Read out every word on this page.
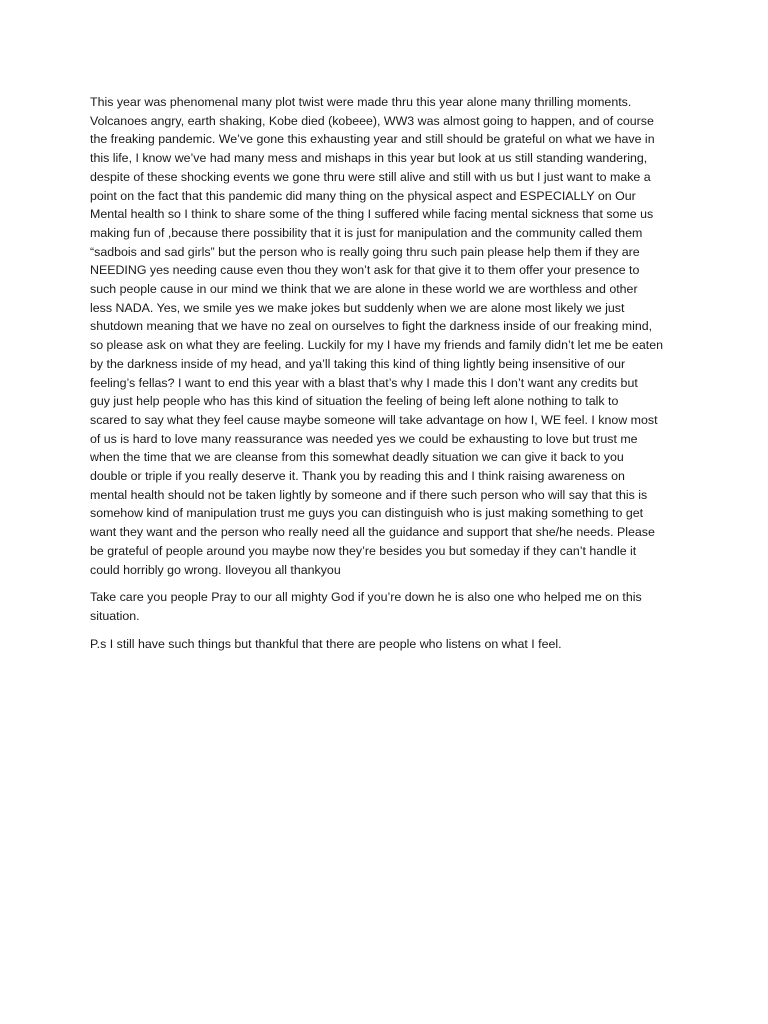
This year was phenomenal many plot twist were made thru this year alone many thrilling moments.
Volcanoes angry, earth shaking, Kobe died (kobeee), WW3 was almost going to happen, and of course
the freaking pandemic. We’ve gone this exhausting year and still should be grateful on what we have in
this life, I know we’ve had many mess and mishaps in this year but look at us still standing wandering,
despite of these shocking events we gone thru were still alive and still with us but I just want to make a
point on the fact that this pandemic did many thing on the physical aspect and ESPECIALLY on Our
Mental health so I think to share some of the thing I suffered while facing mental sickness that some us
making fun of ,because there possibility that it is just for manipulation and the community called them
“sadbois and sad girls” but the person who is really going thru such pain please help them if they are
NEEDING yes needing cause even thou they won’t ask for that give it to them offer your presence to
such people cause in our mind we think that we are alone in these world we are worthless and other
less NADA. Yes, we smile yes we make jokes but suddenly when we are alone most likely we just
shutdown meaning that we have no zeal on ourselves to fight the darkness inside of our freaking mind,
so please ask on what they are feeling. Luckily for my I have my friends and family didn’t let me be eaten
by the darkness inside of my head, and ya’ll taking this kind of thing lightly being insensitive of our
feeling’s fellas? I want to end this year with a blast that’s why I made this I don’t want any credits but
guy just help people who has this kind of situation the feeling of being left alone nothing to talk to
scared to say what they feel cause maybe someone will take advantage on how I, WE feel. I know most
of us is hard to love many reassurance was needed yes we could be exhausting to love but trust me
when the time that we are cleanse from this somewhat deadly situation we can give it back to you
double or triple if you really deserve it. Thank you by reading this and I think raising awareness on
mental health should not be taken lightly by someone and if there such person who will say that this is
somehow kind of manipulation trust me guys you can distinguish who is just making something to get
want they want and the person who really need all the guidance and support that she/he needs. Please
be grateful of people around you maybe now they’re besides you but someday if they can’t handle it
could horribly go wrong. Iloveyou all thankyou

Take care you people Pray to our all mighty God if you’re down he is also one who helped me on this
situation.

P.s I still have such things but thankful that there are people who listens on what I feel.
